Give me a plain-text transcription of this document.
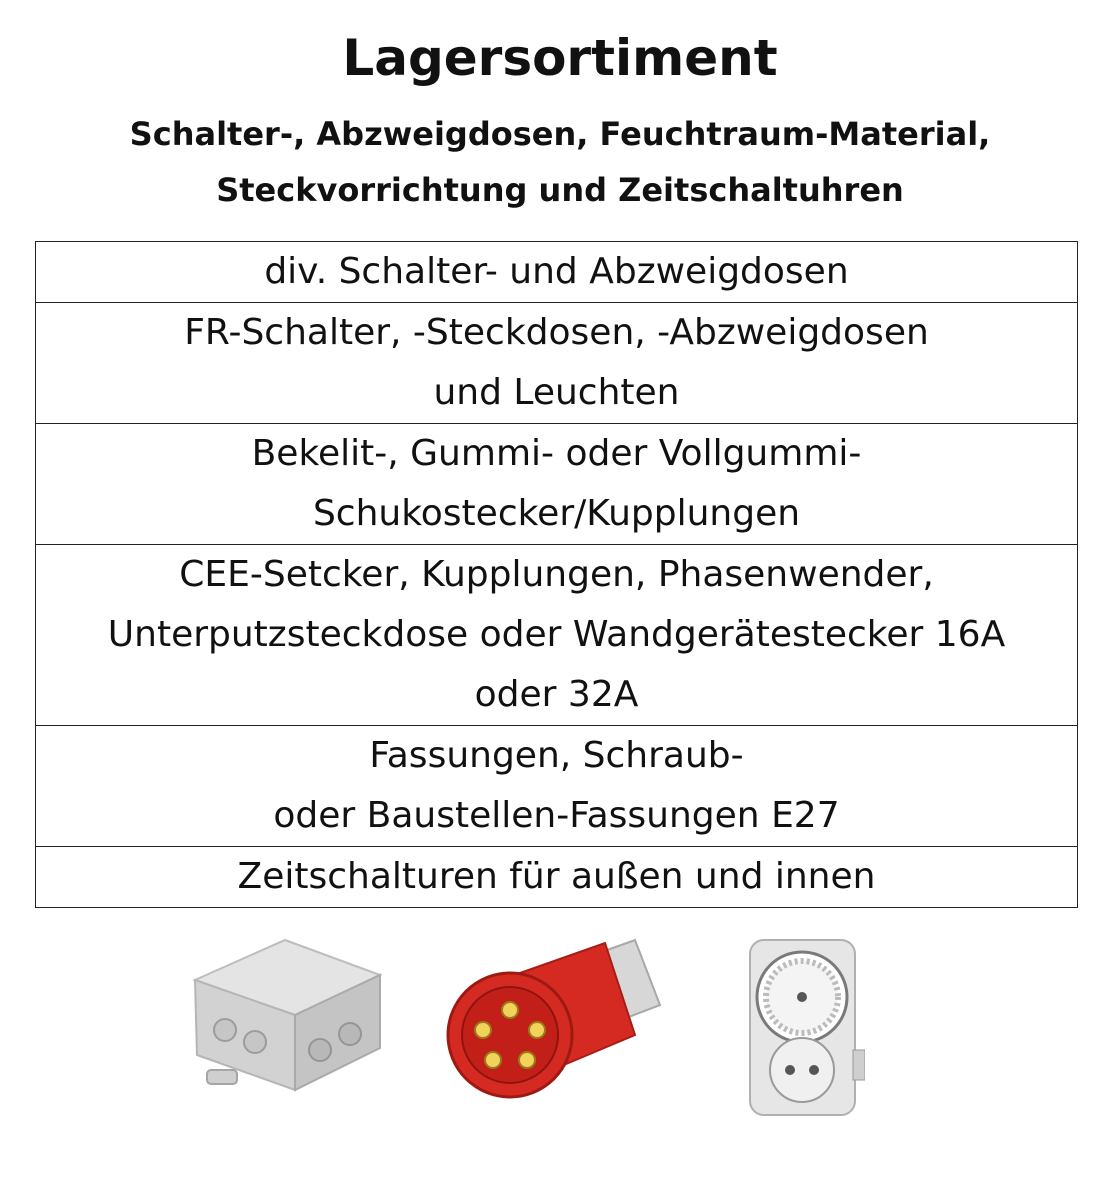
Lagersortiment
Schalter-, Abzweigdosen, Feuchtraum-Material,
Steckvorrichtung und Zeitschaltuhren
div. Schalter- und Abzweigdosen

FR-Schalter, -Steckdosen, -Abzweigdosen
und Leuchten

Bekelit-, Gummi- oder Vollgummi-
Schukostecker/Kupplungen

CEE-Setcker, Kupplungen, Phasenwender,
Unterputzsteckdose oder Wandgerätestecker 16A
oder 32A

Fassungen, Schraub-
oder Baustellen-Fassungen E27

Zeitschalturen für außen und innen
